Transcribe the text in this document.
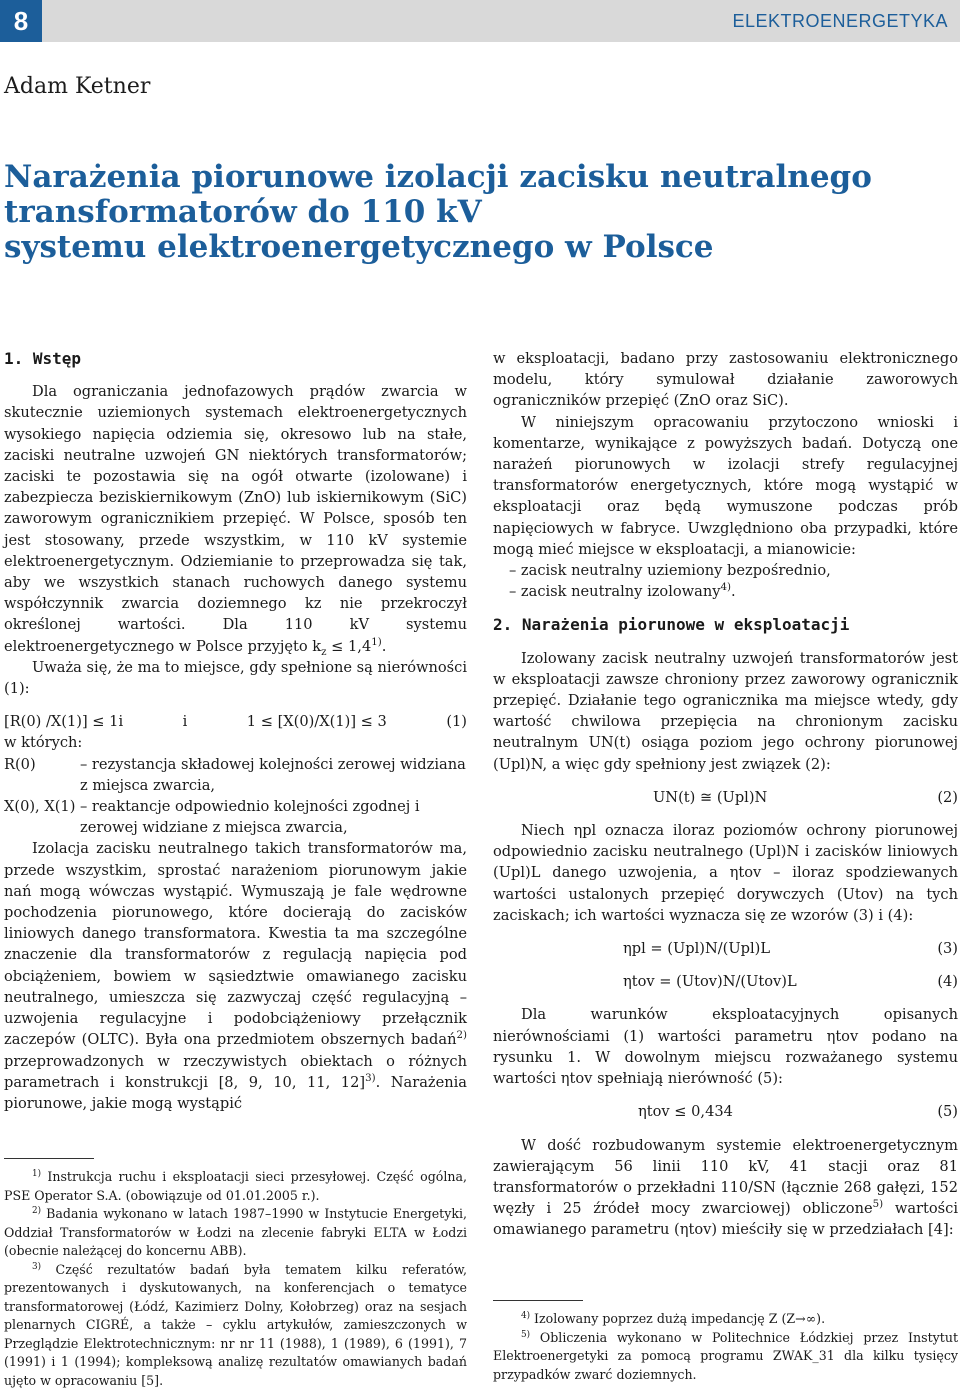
8	ELEKTROENERGETYKA
Adam Ketner
Narażenia piorunowe izolacji zacisku neutralnego
transformatorów do 110 kV
systemu elektroenergetycznego w Polsce

1. Wstęp

Dla ograniczania jednofazowych prądów zwarcia w skutecznie uziemionych systemach elektroenergetycznych wysokiego napięcia odziemia się, okresowo lub na stałe, zaciski neutralne uzwojeń GN niektórych transformatorów; zaciski te pozostawia się na ogół otwarte (izolowane) i zabezpiecza beziskiernikowym (ZnO) lub iskiernikowym (SiC) zaworowym ogranicznikiem przepięć. W Polsce, sposób ten jest stosowany, przede wszystkim, w 110 kV systemie elektroenergetycznym. Odziemianie to przeprowadza się tak, aby we wszystkich stanach ruchowych danego systemu współczynnik zwarcia doziemnego kz nie przekroczył określonej wartości. Dla 110 kV systemu elektroenergetycznego w Polsce przyjęto $k_z \le 1,4^{1)}$.

Uważa się, że ma to miejsce, gdy spełnione są nierówności (1):

[R(0) /X(1)] ≤ 1i	i	1 ≤ [X(0)/X(1)] ≤ 3	(1)

w których:

R(0)	– rezystancja składowej kolejności zerowej widziana z miejsca zwarcia,
X(0), X(1) – reaktancje odpowiednio kolejności zgodnej i zerowej widziane z miejsca zwarcia,

Izolacja zacisku neutralnego takich transformatorów ma, przede wszystkim, sprostać narażeniom piorunowym jakie nań mogą wówczas wystąpić. Wymuszają je fale wędrowne pochodzenia piorunowego, które docierają do zacisków liniowych danego transformatora. Kwestia ta ma szczególne znaczenie dla transformatorów z regulacją napięcia pod obciążeniem, bowiem w sąsiedztwie omawianego zacisku neutralnego, umieszcza się zazwyczaj część regulacyjną – uzwojenia regulacyjne i podobciążeniowy przełącznik zaczepów (OLTC). Była ona przedmiotem obszernych badań$^{2)}$ przeprowadzonych w rzeczywistych obiektach o różnych parametrach i konstrukcji [8, 9, 10, 11, 12]$^{3)}$. Narażenia piorunowe, jakie mogą wystąpić

$^{1)}$ Instrukcja ruchu i eksploatacji sieci przesyłowej. Część ogólna, PSE Operator S.A. (obowiązuje od 01.01.2005 r.).

$^{2)}$ Badania wykonano w latach 1987–1990 w Instytucie Energetyki, Oddział Transformatorów w Łodzi na zlecenie fabryki ELTA w Łodzi (obecnie należącej do koncernu ABB).

$^{3)}$ Część rezultatów badań była tematem kilku referatów, prezentowanych i dyskutowanych, na konferencjach o tematyce transformatorowej (Łódź, Kazimierz Dolny, Kołobrzeg) oraz na sesjach plenarnych CIGRÉ, a także – cyklu artykułów, zamieszczonych w Przeglądzie Elektrotechnicznym: nr nr 11 (1988), 1 (1989), 6 (1991), 7 (1991) i 1 (1994); kompleksową analizę rezultatów omawianych badań ujęto w opracowaniu [5].

w eksploatacji, badano przy zastosowaniu elektronicznego modelu, który symulował działanie zaworowych ograniczników przepięć (ZnO oraz SiC).

W niniejszym opracowaniu przytoczono wnioski i komentarze, wynikające z powyższych badań. Dotyczą one narażeń piorunowych w izolacji strefy regulacyjnej transformatorów energetycznych, które mogą wystąpić w eksploatacji oraz będą wymuszone podczas prób napięciowych w fabryce. Uwzględniono oba przypadki, które mogą mieć miejsce w eksploatacji, a mianowicie:

– zacisk neutralny uziemiony bezpośrednio,

– zacisk neutralny izolowany$^{4)}$.

2. Narażenia piorunowe w eksploatacji

Izolowany zacisk neutralny uzwojeń transformatorów jest w eksploatacji zawsze chroniony przez zaworowy ogranicznik przepięć. Działanie tego ogranicznika ma miejsce wtedy, gdy wartość chwilowa przepięcia na chronionym zacisku neutralnym UN(t) osiąga poziom jego ochrony piorunowej (Upl)N, a więc gdy spełniony jest związek (2):

UN(t) ≅ (Upl)N	(2)

Niech ηpl oznacza iloraz poziomów ochrony piorunowej odpowiednio zacisku neutralnego (Upl)N i zacisków liniowych (Upl)L danego uzwojenia, a ηtov – iloraz spodziewanych wartości ustalonych przepięć dorywczych (Utov) na tych zaciskach; ich wartości wyznacza się ze wzorów (3) i (4):

ηpl = (Upl)N/(Upl)L	(3)
ηtov = (Utov)N/(Utov)L	(4)

Dla warunków eksploatacyjnych opisanych nierównościami (1) wartości parametru ηtov podano na rysunku 1. W dowolnym miejscu rozważanego systemu wartości ηtov spełniają nierówność (5):

ηtov ≤ 0,434	(5)

W dość rozbudowanym systemie elektroenergetycznym zawierającym 56 linii 110 kV, 41 stacji oraz 81 transformatorów o przekładni 110/SN (łącznie 268 gałęzi, 152 węzły i 25 źródeł mocy zwarciowej) obliczone$^{5)}$ wartości omawianego parametru (ηtov) mieściły się w przedziałach [4]:

$^{4)}$ Izolowany poprzez dużą impedancję Z (Z→∞).

$^{5)}$ Obliczenia wykonano w Politechnice Łódzkiej przez Instytut Elektroenergetyki za pomocą programu ZWAK_31 dla kilku tysięcy przypadków zwarć doziemnych.
